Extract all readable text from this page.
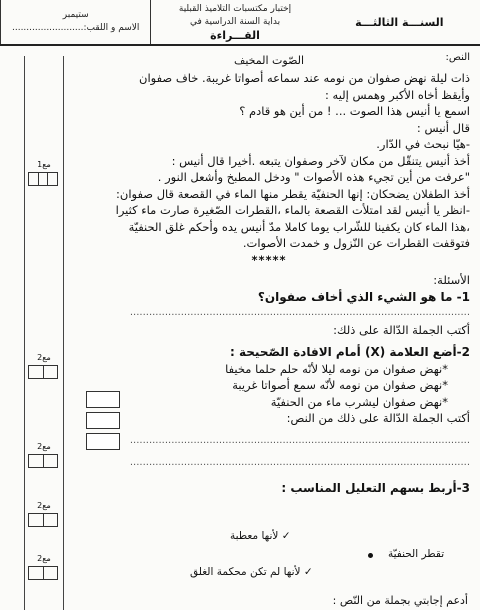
السنـــة الثالثـــة
إختبار مكتسبات التلاميذ القبلية
بداية السنة الدراسية في
القـــراءة
ستيمبر
الاسم و اللقب:.........................
مع1
مع2
مع2
مع2
مع2
النص:
الصّوت المخيف
ذات ليلة نهض صفوان من نومه عند سماعه أصواتا غريبة. خاف صفوان
وأيقظ أخاه الأكبر وهمس إليه :
اسمع يا أنيس هذا الصوت ... ! من أين هو قادم ؟
قال أنيس :
-هيّا نبحث في الدّار.
أخذ أنيس يتنقّل من مكان لآخر وصفوان يتبعه .أخيرا قال أنيس :
"عرفت من أين تجيء هذه الأصوات " ودخل المطبخ وأشعل النور .
أخذ الطفلان يضحكان: إنها الحنفيّة يقطر منها الماء في القصعة قال صفوان:
-انظر يا أنيس لقد امتلأت القصعة بالماء ،القطرات الصّغيرة صارت ماء كثيرا
،هذا الماء كان يكفينا للشّراب يوما كاملا مدّ أنيس يده وأحكم غلق الحنفيّة
فتوقفت القطرات عن النّزول و خمدت الأصوات.
*****
الأسئلة:
1- ما هو الشيء الذي أخاف صفوان؟
...........................................................................................................
أكتب الجملة الدّالة على ذلك:
2-أضع العلامة (X) أمام الافادة الصّحيحة :
*نهض صفوان من نومه ليلا لأنّه حلم حلما مخيفا
*نهض صفوان من نومه لأنّه سمع أصواتا غريبة
*نهض صفوان ليشرب ماء من الحنفيّة
أكتب الجملة الدّالة على ذلك من النص:
...........................................................................................................
...........................................................................................................
3-أربط بسهم التعليل المناسب :
✓ لأنها معطبة
✓ لأنها لم تكن محكمة الغلق
تقطر الحنفيّة
أدعم إجابتي بجملة من النّص :
